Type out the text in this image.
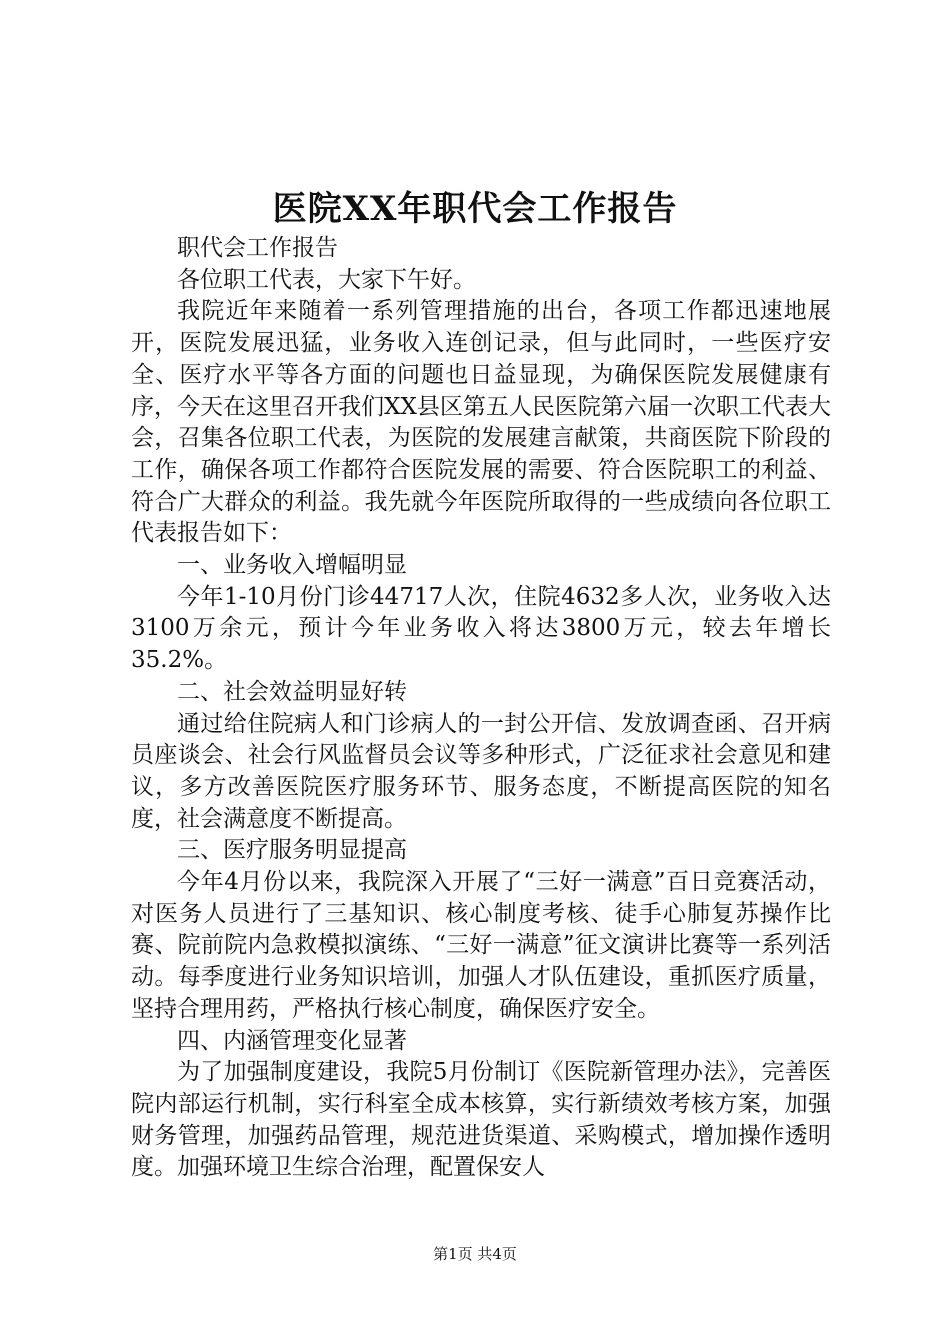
医院XX年职代会工作报告

职代会工作报告

各位职工代表，大家下午好。

我院近年来随着一系列管理措施的出台，各项工作都迅速地展开，医院发展迅猛，业务收入连创记录，但与此同时，一些医疗安全、医疗水平等各方面的问题也日益显现，为确保医院发展健康有序，今天在这里召开我们XX县区第五人民医院第六届一次职工代表大会，召集各位职工代表，为医院的发展建言献策，共商医院下阶段的工作，确保各项工作都符合医院发展的需要、符合医院职工的利益、符合广大群众的利益。我先就今年医院所取得的一些成绩向各位职工代表报告如下：

一、业务收入增幅明显

今年1-10月份门诊44717人次，住院4632多人次，业务收入达3100万余元，预计今年业务收入将达3800万元，较去年增长35.2%。

二、社会效益明显好转

通过给住院病人和门诊病人的一封公开信、发放调查函、召开病员座谈会、社会行风监督员会议等多种形式，广泛征求社会意见和建议，多方改善医院医疗服务环节、服务态度，不断提高医院的知名度，社会满意度不断提高。

三、医疗服务明显提高

今年4月份以来，我院深入开展了“三好一满意”百日竞赛活动，对医务人员进行了三基知识、核心制度考核、徒手心肺复苏操作比赛、院前院内急救模拟演练、“三好一满意”征文演讲比赛等一系列活动。每季度进行业务知识培训，加强人才队伍建设，重抓医疗质量，坚持合理用药，严格执行核心制度，确保医疗安全。

四、内涵管理变化显著

为了加强制度建设，我院5月份制订《医院新管理办法》，完善医院内部运行机制，实行科室全成本核算，实行新绩效考核方案，加强财务管理，加强药品管理，规范进货渠道、采购模式，增加操作透明度。加强环境卫生综合治理，配置保安人

第1页 共4页
